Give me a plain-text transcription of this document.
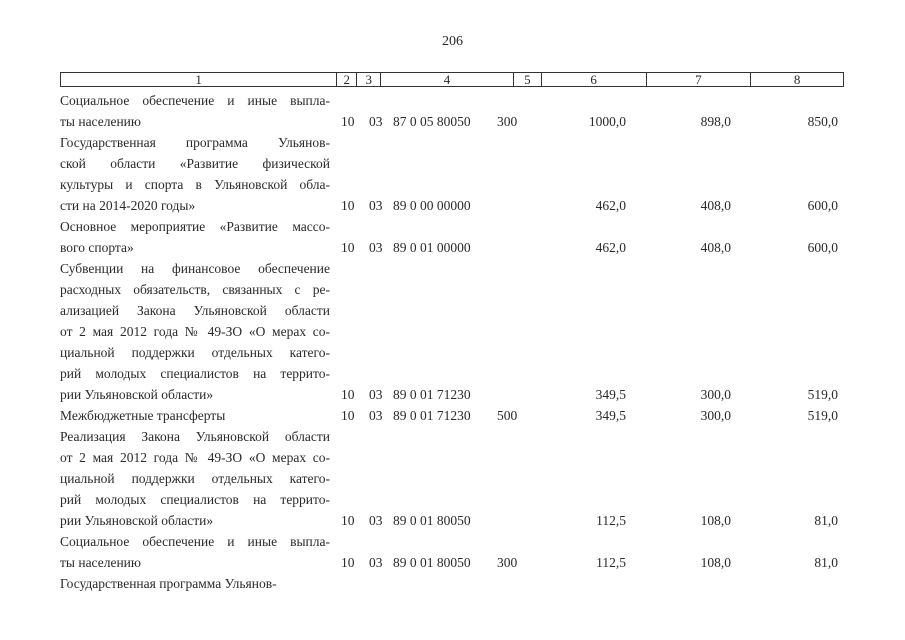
206
1	2	3	4	5	6	7	8
Социальное обеспечение и иные выпла-
ты населению	10 03 87 0 05 80050 300	1000,0	898,0	850,0
Государственная программа Ульянов-
ской области «Развитие физической
культуры и спорта в Ульяновской обла-
сти на 2014-2020 годы»	10 03 89 0 00 00000	462,0	408,0	600,0
Основное мероприятие «Развитие массо-
вого спорта»	10 03 89 0 01 00000	462,0	408,0	600,0
Субвенции на финансовое обеспечение
расходных обязательств, связанных с ре-
ализацией Закона Ульяновской области
от 2 мая 2012 года № 49-ЗО «О мерах со-
циальной поддержки отдельных катего-
рий молодых специалистов на террито-
рии Ульяновской области»	10 03 89 0 01 71230	349,5	300,0	519,0
Межбюджетные трансферты	10 03 89 0 01 71230 500	349,5	300,0	519,0
Реализация Закона Ульяновской области
от 2 мая 2012 года № 49-ЗО «О мерах со-
циальной поддержки отдельных катего-
рий молодых специалистов на террито-
рии Ульяновской области»	10 03 89 0 01 80050	112,5	108,0	81,0
Социальное обеспечение и иные выпла-
ты населению	10 03 89 0 01 80050 300	112,5	108,0	81,0
Государственная программа Ульянов-
